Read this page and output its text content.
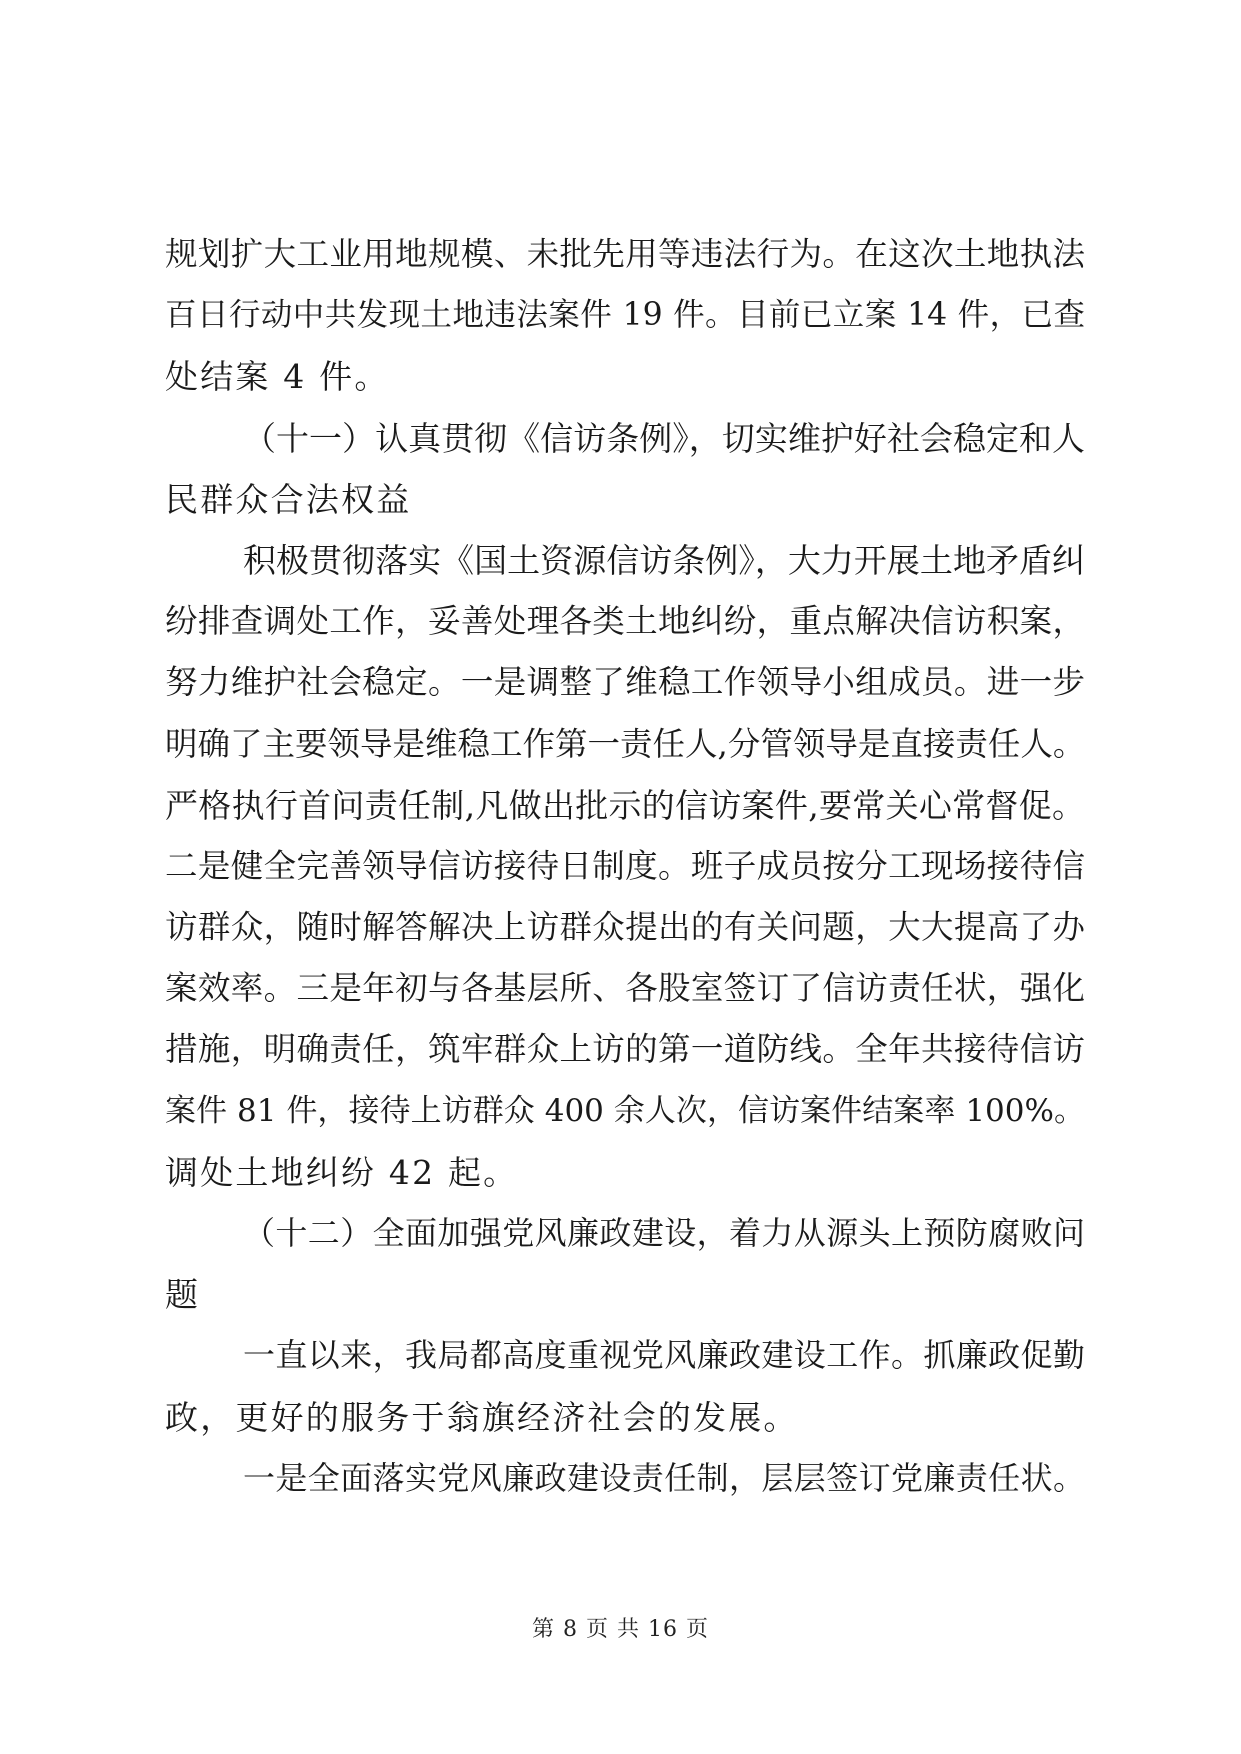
规划扩大工业用地规模、未批先用等违法行为。在这次土地执法
百日行动中共发现土地违法案件 19 件。目前已立案 14 件，已查
处结案 4 件。
（十一）认真贯彻《信访条例》，切实维护好社会稳定和人
民群众合法权益
积极贯彻落实《国土资源信访条例》，大力开展土地矛盾纠
纷排查调处工作，妥善处理各类土地纠纷，重点解决信访积案，
努力维护社会稳定。一是调整了维稳工作领导小组成员。进一步
明确了主要领导是维稳工作第一责任人,分管领导是直接责任人。
严格执行首问责任制,凡做出批示的信访案件,要常关心常督促。
二是健全完善领导信访接待日制度。班子成员按分工现场接待信
访群众，随时解答解决上访群众提出的有关问题，大大提高了办
案效率。三是年初与各基层所、各股室签订了信访责任状，强化
措施，明确责任，筑牢群众上访的第一道防线。全年共接待信访
案件 81 件，接待上访群众 400 余人次，信访案件结案率 100%。
调处土地纠纷 42 起。
（十二）全面加强党风廉政建设，着力从源头上预防腐败问
题
一直以来，我局都高度重视党风廉政建设工作。抓廉政促勤
政，更好的服务于翁旗经济社会的发展。
一是全面落实党风廉政建设责任制，层层签订党廉责任状。
第 8 页 共 16 页
